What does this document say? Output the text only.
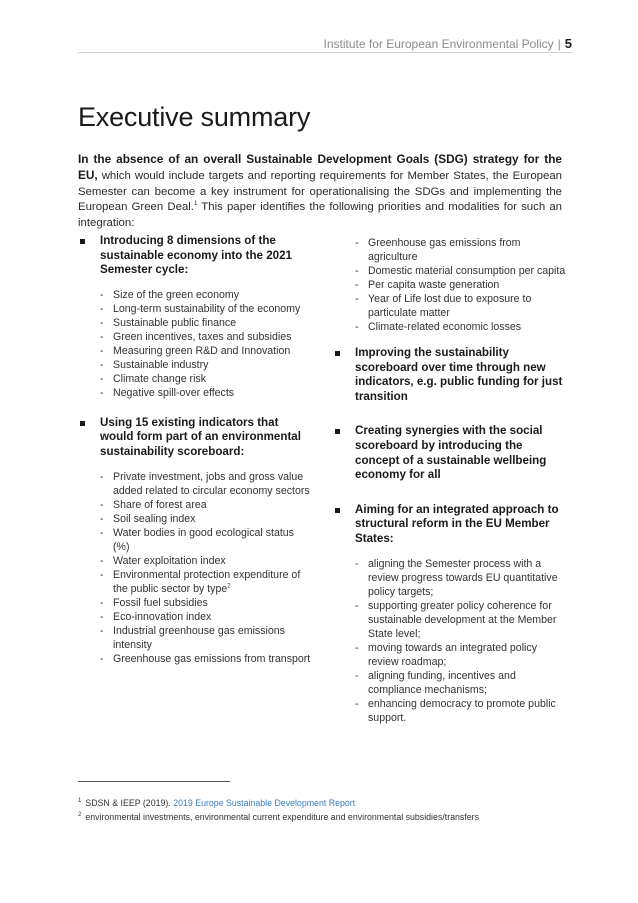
Institute for European Environmental Policy | 5
Executive summary

In the absence of an overall Sustainable Development Goals (SDG) strategy for the EU, which would include targets and reporting requirements for Member States, the European Semester can become a key instrument for operationalising the SDGs and implementing the European Green Deal.$^1$ This paper identifies the following priorities and modalities for such an integration:

Introducing 8 dimensions of the sustainable economy into the 2021 Semester cycle:
- Size of the green economy
- Long-term sustainability of the economy
- Sustainable public finance
- Green incentives, taxes and subsidies
- Measuring green R&D and Innovation
- Sustainable industry
- Climate change risk
- Negative spill-over effects
Using 15 existing indicators that would form part of an environmental sustainability scoreboard:
- Private investment, jobs and gross value added related to circular economy sectors
- Share of forest area
- Soil sealing index
- Water bodies in good ecological status (%)
- Water exploitation index
- Environmental protection expenditure of the public sector by type$^2$
- Fossil fuel subsidies
- Eco-innovation index
- Industrial greenhouse gas emissions intensity
- Greenhouse gas emissions from transport
- Greenhouse gas emissions from agriculture
- Domestic material consumption per capita
- Per capita waste generation
- Year of Life lost due to exposure to particulate matter
- Climate-related economic losses
Improving the sustainability scoreboard over time through new indicators, e.g. public funding for just transition
Creating synergies with the social scoreboard by introducing the concept of a sustainable wellbeing economy for all
Aiming for an integrated approach to structural reform in the EU Member States:
- aligning the Semester process with a review progress towards EU quantitative policy targets;
- supporting greater policy coherence for sustainable development at the Member State level;
- moving towards an integrated policy review roadmap;
- aligning funding, incentives and compliance mechanisms;
- enhancing democracy to promote public support.
$^1$ SDSN & IEEP (2019). 2019 Europe Sustainable Development Report
$^2$ environmental investments, environmental current expenditure and environmental subsidies/transfers
